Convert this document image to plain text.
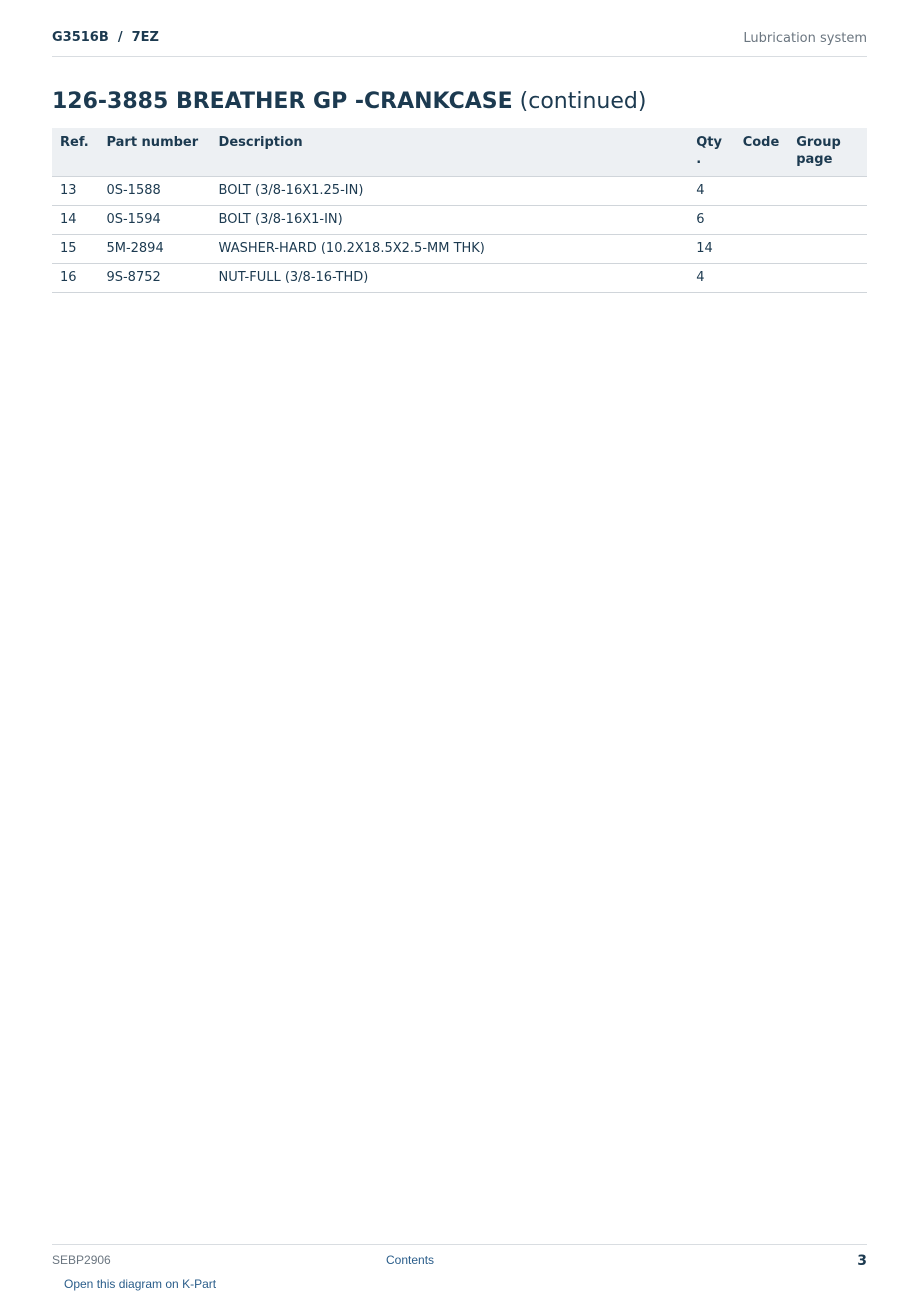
G3516B  /  7EZ	Lubrication system
126-3885 BREATHER GP -CRANKCASE (continued)
Ref.	Part number	Description	Qty .	Code	Group page
13	0S-1588	BOLT (3/8-16X1.25-IN)	4		
14	0S-1594	BOLT (3/8-16X1-IN)	6		
15	5M-2894	WASHER-HARD (10.2X18.5X2.5-MM THK)	14		
16	9S-8752	NUT-FULL (3/8-16-THD)	4		
SEBP2906	Contents	3
Open this diagram on K-Part
